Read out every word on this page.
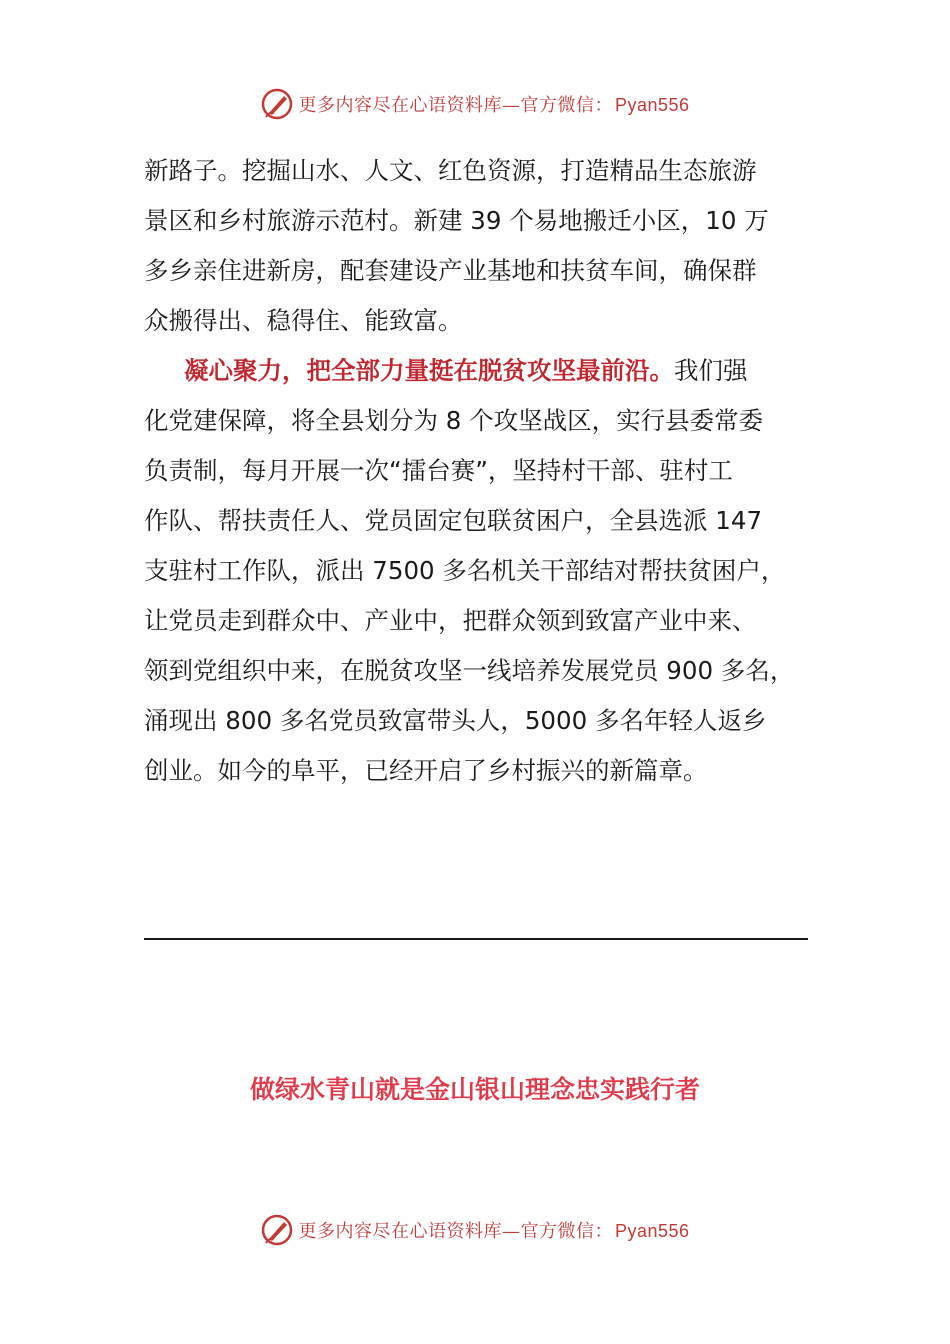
更多内容尽在心语资料库—官方微信： Pyan556
新路子。挖掘山水、人文、红色资源，打造精品生态旅游
景区和乡村旅游示范村。新建 39 个易地搬迁小区，10 万
多乡亲住进新房，配套建设产业基地和扶贫车间，确保群
众搬得出、稳得住、能致富。
凝心聚力，把全部力量挺在脱贫攻坚最前沿。我们强
化党建保障，将全县划分为 8 个攻坚战区，实行县委常委
负责制，每月开展一次“擂台赛”，坚持村干部、驻村工
作队、帮扶责任人、党员固定包联贫困户，全县选派 147
支驻村工作队，派出 7500 多名机关干部结对帮扶贫困户，
让党员走到群众中、产业中，把群众领到致富产业中来、
领到党组织中来，在脱贫攻坚一线培养发展党员 900 多名，
涌现出 800 多名党员致富带头人，5000 多名年轻人返乡
创业。如今的阜平，已经开启了乡村振兴的新篇章。
做绿水青山就是金山银山理念忠实践行者
更多内容尽在心语资料库—官方微信： Pyan556
